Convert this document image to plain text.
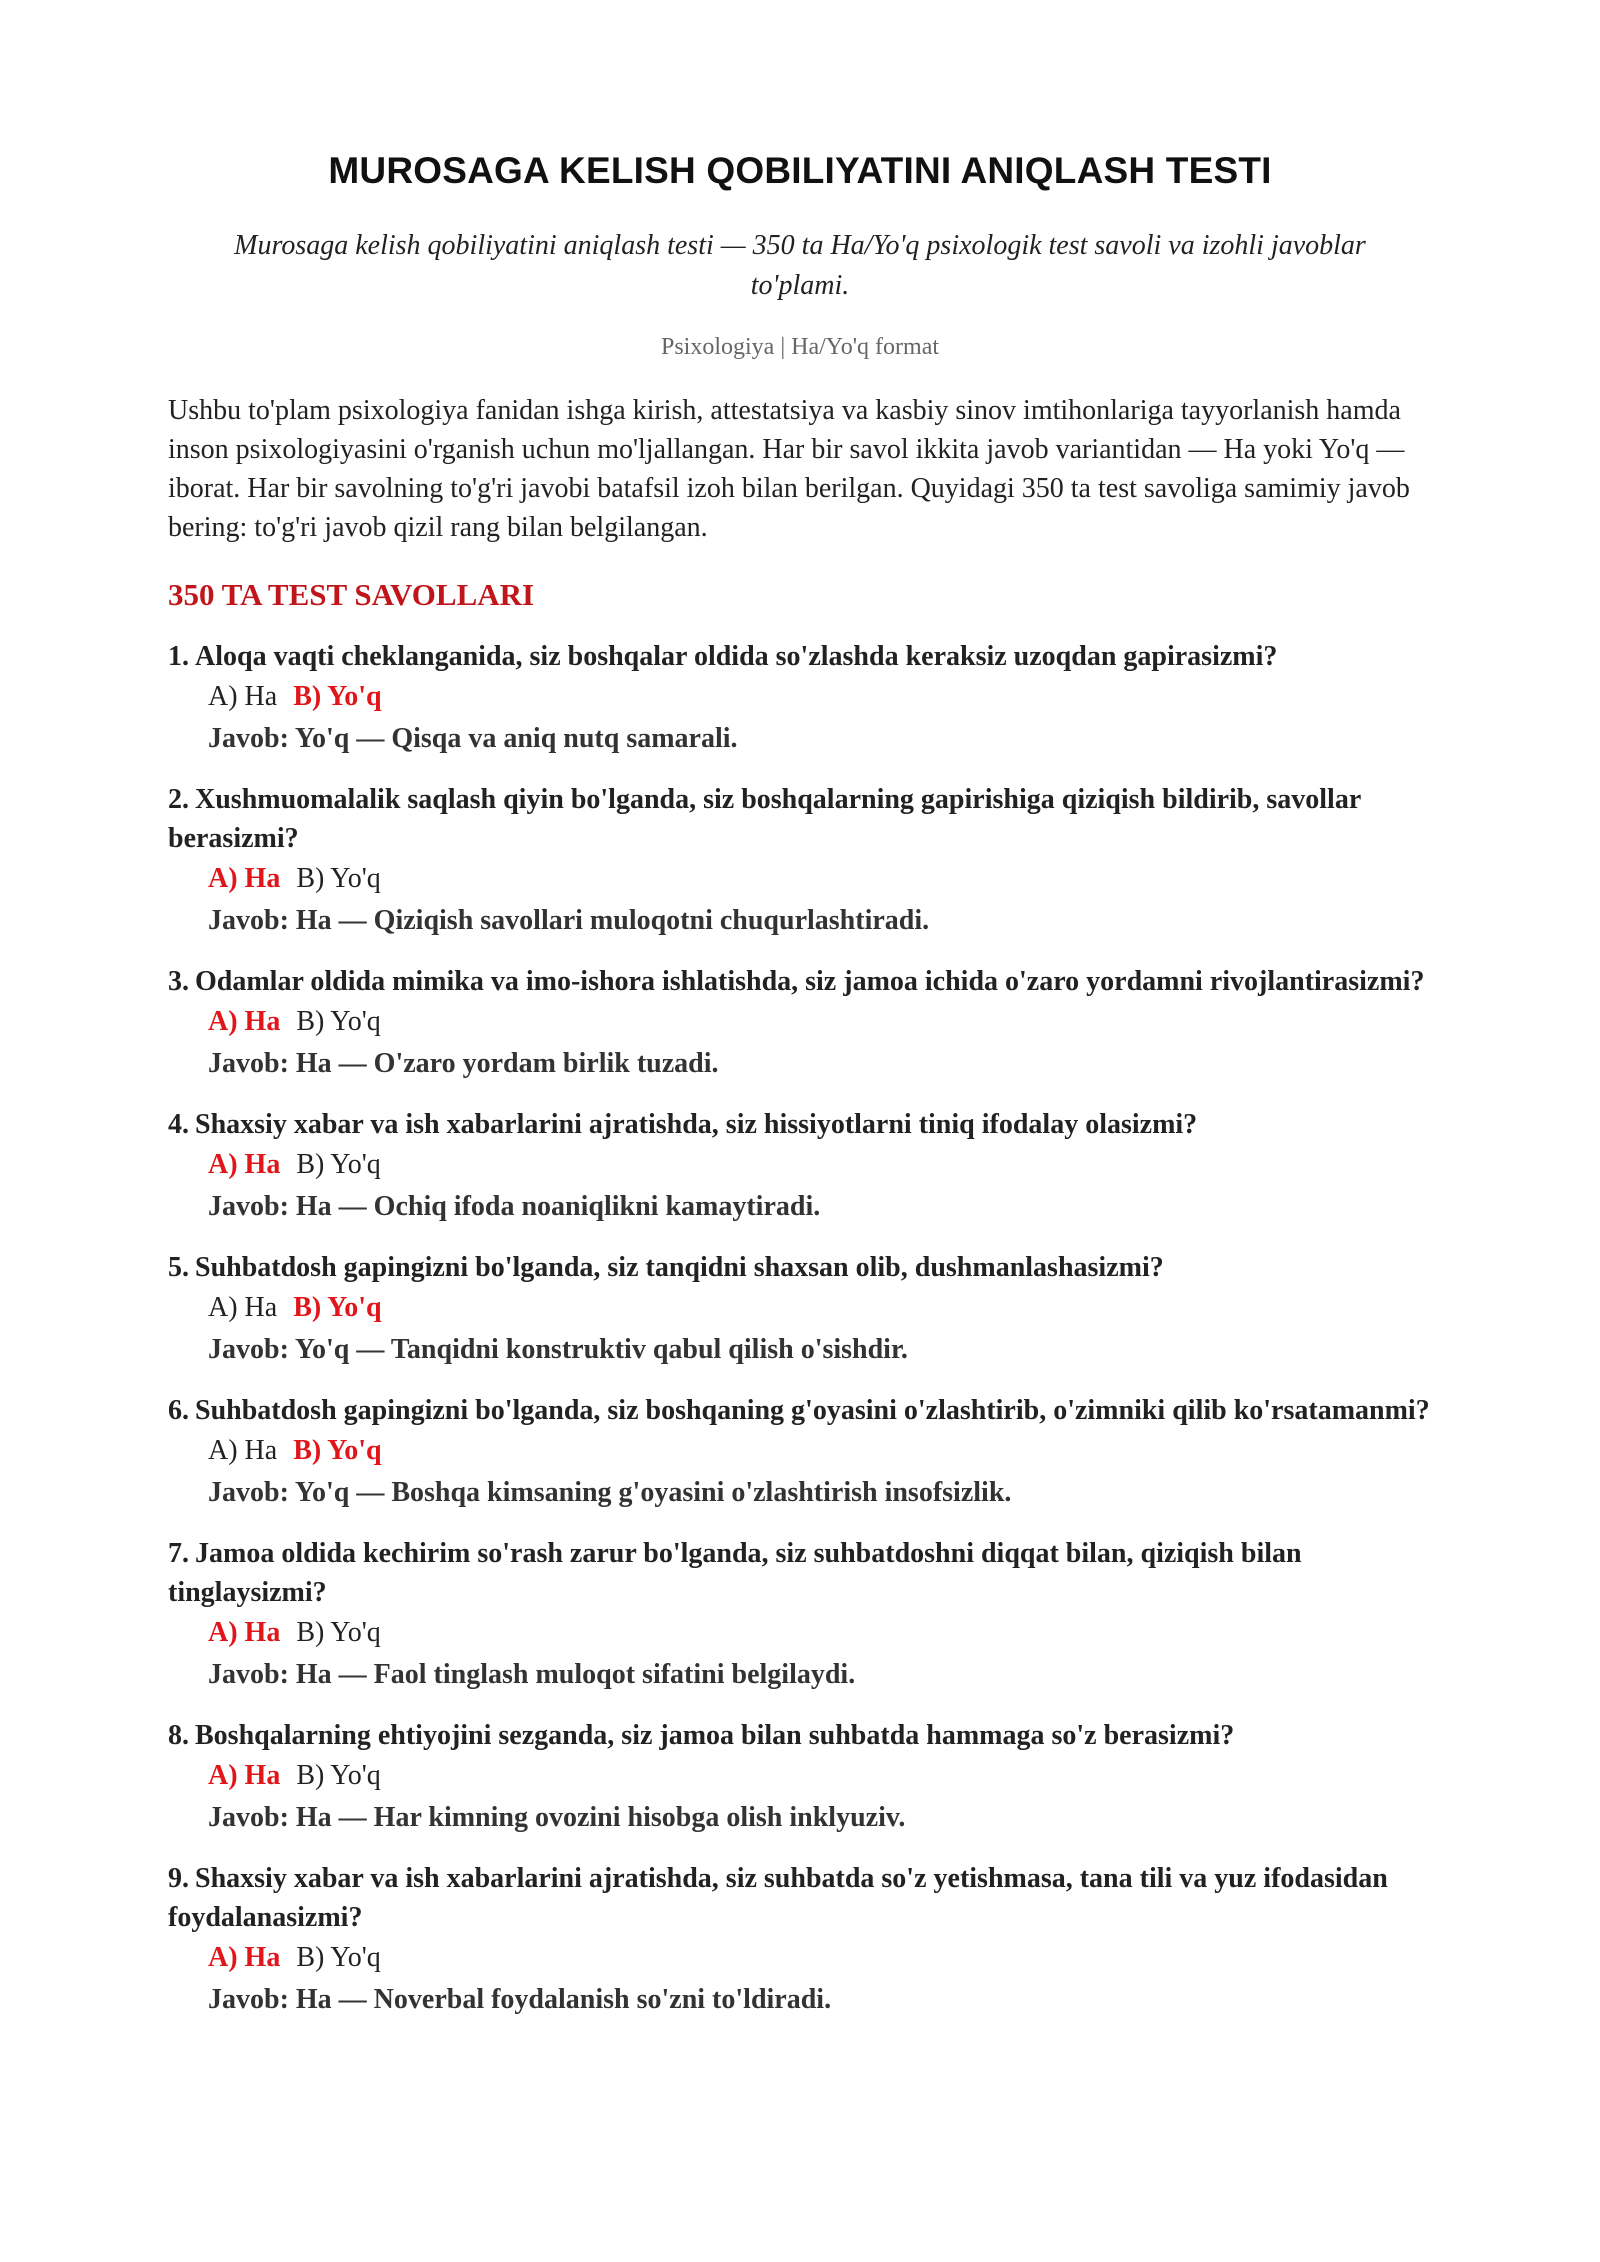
MUROSAGA KELISH QOBILIYATINI ANIQLASH TESTI
Murosaga kelish qobiliyatini aniqlash testi — 350 ta Ha/Yo'q psixologik test savoli va izohli javoblar to'plami.
Psixologiya | Ha/Yo'q format

Ushbu to'plam psixologiya fanidan ishga kirish, attestatsiya va kasbiy sinov imtihonlariga tayyorlanish hamda inson psixologiyasini o'rganish uchun mo'ljallangan. Har bir savol ikkita javob variantidan — Ha yoki Yo'q — iborat. Har bir savolning to'g'ri javobi batafsil izoh bilan berilgan. Quyidagi 350 ta test savoliga samimiy javob bering: to'g'ri javob qizil rang bilan belgilangan.

350 TA TEST SAVOLLARI
1. Aloqa vaqti cheklanganida, siz boshqalar oldida so'zlashda keraksiz uzoqdan gapirasizmi?
A) Ha B) Yo'q
Javob: Yo'q — Qisqa va aniq nutq samarali.
2. Xushmuomalalik saqlash qiyin bo'lganda, siz boshqalarning gapirishiga qiziqish bildirib, savollar berasizmi?
A) Ha B) Yo'q
Javob: Ha — Qiziqish savollari muloqotni chuqurlashtiradi.
3. Odamlar oldida mimika va imo-ishora ishlatishda, siz jamoa ichida o'zaro yordamni rivojlantirasizmi?
A) Ha B) Yo'q
Javob: Ha — O'zaro yordam birlik tuzadi.
4. Shaxsiy xabar va ish xabarlarini ajratishda, siz hissiyotlarni tiniq ifodalay olasizmi?
A) Ha B) Yo'q
Javob: Ha — Ochiq ifoda noaniqlikni kamaytiradi.
5. Suhbatdosh gapingizni bo'lganda, siz tanqidni shaxsan olib, dushmanlashasizmi?
A) Ha B) Yo'q
Javob: Yo'q — Tanqidni konstruktiv qabul qilish o'sishdir.
6. Suhbatdosh gapingizni bo'lganda, siz boshqaning g'oyasini o'zlashtirib, o'zimniki qilib ko'rsatamanmi?
A) Ha B) Yo'q
Javob: Yo'q — Boshqa kimsaning g'oyasini o'zlashtirish insofsizlik.
7. Jamoa oldida kechirim so'rash zarur bo'lganda, siz suhbatdoshni diqqat bilan, qiziqish bilan tinglaysizmi?
A) Ha B) Yo'q
Javob: Ha — Faol tinglash muloqot sifatini belgilaydi.
8. Boshqalarning ehtiyojini sezganda, siz jamoa bilan suhbatda hammaga so'z berasizmi?
A) Ha B) Yo'q
Javob: Ha — Har kimning ovozini hisobga olish inklyuziv.
9. Shaxsiy xabar va ish xabarlarini ajratishda, siz suhbatda so'z yetishmasa, tana tili va yuz ifodasidan foydalanasizmi?
A) Ha B) Yo'q
Javob: Ha — Noverbal foydalanish so'zni to'ldiradi.
